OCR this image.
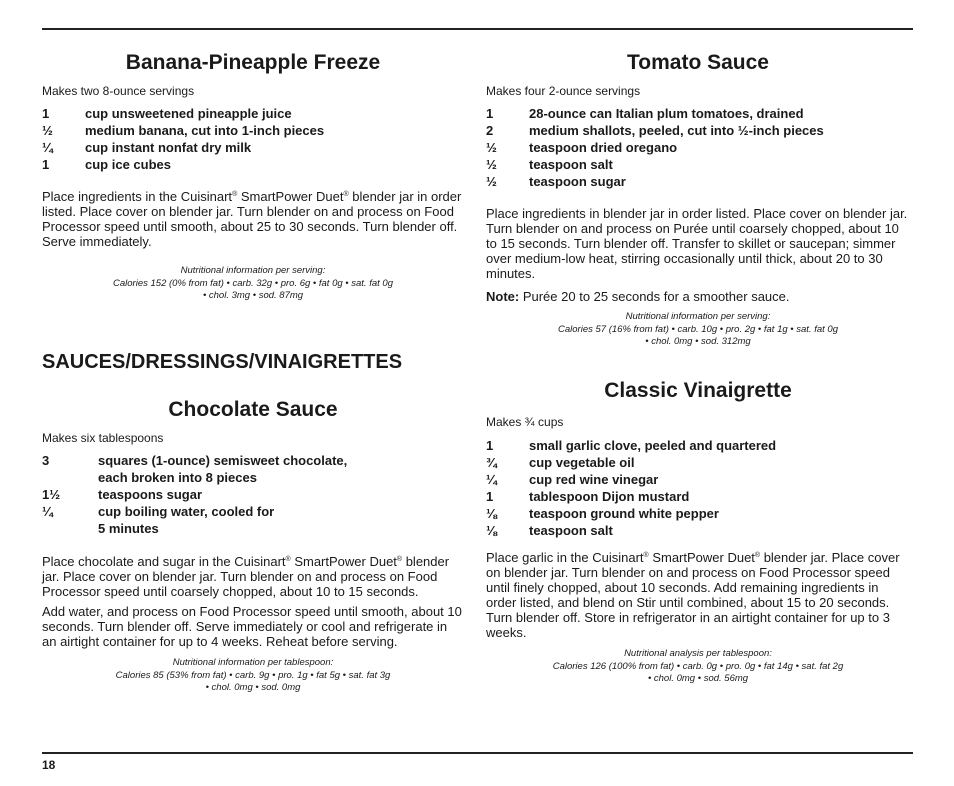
Banana-Pineapple Freeze
Makes two 8-ounce servings
1	cup unsweetened pineapple juice
½	medium banana, cut into 1-inch pieces
¼	cup instant nonfat dry milk
1	cup ice cubes
Place ingredients in the Cuisinart® SmartPower Duet® blender jar in order listed. Place cover on blender jar. Turn blender on and process on Food Processor speed until smooth, about 25 to 30 seconds. Turn blender off. Serve immediately.
Nutritional information per serving:
Calories 152 (0% from fat) • carb. 32g • pro. 6g • fat 0g • sat. fat 0g
• chol. 3mg • sod. 87mg
SAUCES/DRESSINGS/VINAIGRETTES
Chocolate Sauce
Makes six tablespoons
3	squares (1-ounce) semisweet chocolate,
each broken into 8 pieces
1½	teaspoons sugar
¼	cup boiling water, cooled for
5 minutes
Place chocolate and sugar in the Cuisinart® SmartPower Duet® blender jar. Place cover on blender jar. Turn blender on and process on Food Processor speed until coarsely chopped, about 10 to 15 seconds.
Add water, and process on Food Processor speed until smooth, about 10 seconds. Turn blender off. Serve immediately or cool and refrigerate in an airtight container for up to 4 weeks. Reheat before serving.
Nutritional information per tablespoon:
Calories 85 (53% from fat) • carb. 9g • pro. 1g • fat 5g • sat. fat 3g
• chol. 0mg • sod. 0mg
Tomato Sauce
Makes four 2-ounce servings
1	28-ounce can Italian plum tomatoes, drained
2	medium shallots, peeled, cut into ½-inch pieces
½	teaspoon dried oregano
½	teaspoon salt
½	teaspoon sugar
Place ingredients in blender jar in order listed. Place cover on blender jar. Turn blender on and process on Purée until coarsely chopped, about 10 to 15 seconds. Turn blender off. Transfer to skillet or saucepan; simmer over medium-low heat, stirring occasionally until thick, about 20 to 30 minutes.
Note: Purée 20 to 25 seconds for a smoother sauce.
Nutritional information per serving:
Calories 57 (16% from fat) • carb. 10g • pro. 2g • fat 1g • sat. fat 0g
• chol. 0mg • sod. 312mg
Classic Vinaigrette
Makes ¾ cups
1	small garlic clove, peeled and quartered
¾	cup vegetable oil
¼	cup red wine vinegar
1	tablespoon Dijon mustard
⅛	teaspoon ground white pepper
⅛	teaspoon salt
Place garlic in the Cuisinart® SmartPower Duet® blender jar. Place cover on blender jar. Turn blender on and process on Food Processor speed until finely chopped, about 10 seconds. Add remaining ingredients in order listed, and blend on Stir until combined, about 15 to 20 seconds. Turn blender off. Store in refrigerator in an airtight container for up to 3 weeks.
Nutritional analysis per tablespoon:
Calories 126 (100% from fat) • carb. 0g • pro. 0g • fat 14g • sat. fat 2g
• chol. 0mg • sod. 56mg
18
